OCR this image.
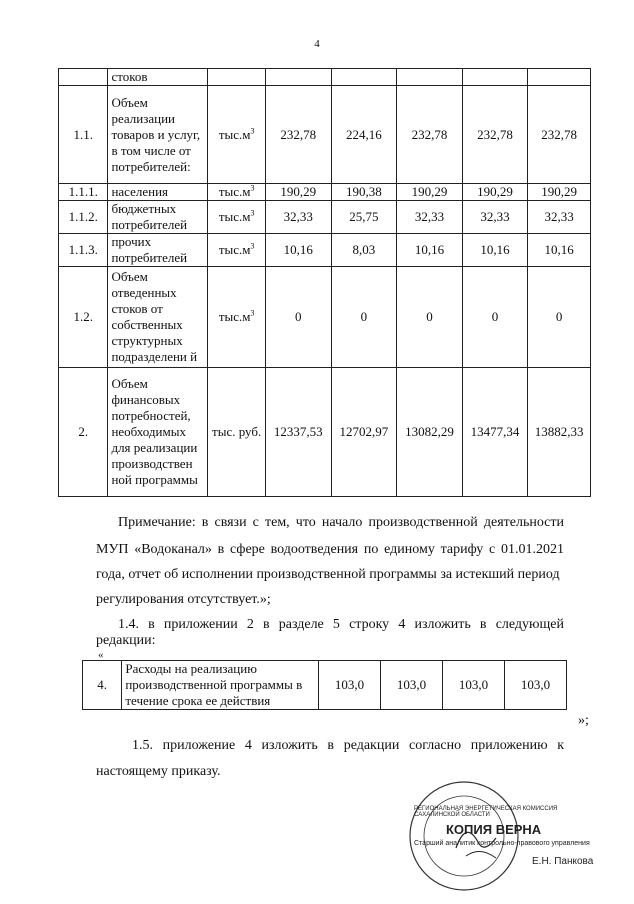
4
	стоков						
1.1.	Объем реализации товаров и услуг, в том числе от потребителей:	$тыс.м^3$	232,78	224,16	232,78	232,78	232,78
1.1.1.	населения	$тыс.м^3$	190,29	190,38	190,29	190,29	190,29
1.1.2.	бюджетных потребителей	$тыс.м^3$	32,33	25,75	32,33	32,33	32,33
1.1.3.	прочих потребителей	$тыс.м^3$	10,16	8,03	10,16	10,16	10,16
1.2.	Объем отведенных стоков от собственных структурных подразделени й	$тыс.м^3$	0	0	0	0	0
2.	Объем финансовых потребностей, необходимых для реализации производствен ной программы	тыс. руб.	12337,53	12702,97	13082,29	13477,34	13882,33
Примечание: в связи с тем, что начало производственной деятельности
МУП «Водоканал» в сфере водоотведения по единому тарифу с 01.01.2021
года, отчет об исполнении производственной программы за истекший период
регулирования отсутствует.»;
1.4. в приложении 2 в разделе 5 строку 4 изложить в следующей
редакции:
«
4.	Расходы на реализацию производственной программы в течение срока ее действия	103,0	103,0	103,0	103,0
»;
1.5. приложение 4 изложить в редакции согласно приложению к
настоящему приказу.
РЕГИОНАЛЬНАЯ ЭНЕРГЕТИЧЕСКАЯ КОМИССИЯ САХАЛИНСКОЙ ОБЛАСТИ
КОПИЯ ВЕРНА
Старший аналитик контрольно-правового управления
Е.Н. Панкова
